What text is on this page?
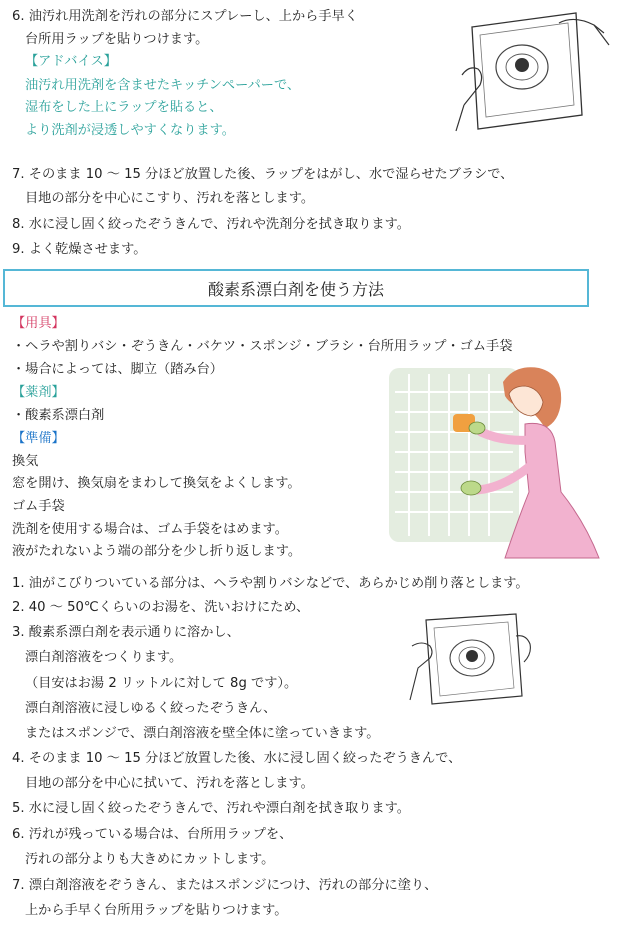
6. 油汚れ用洗剤を汚れの部分にスプレーし、上から手早く
台所用ラップを貼りつけます。
【アドバイス】
油汚れ用洗剤を含ませたキッチンペーパーで、
湿布をした上にラップを貼ると、
より洗剤が浸透しやすくなります。
7. そのまま 10 ～ 15 分ほど放置した後、ラップをはがし、水で湿らせたブラシで、
目地の部分を中心にこすり、汚れを落とします。
8. 水に浸し固く絞ったぞうきんで、汚れや洗剤分を拭き取ります。
9. よく乾燥させます。
酸素系漂白剤を使う方法
【用具】
・ヘラや割りバシ・ぞうきん・バケツ・スポンジ・ブラシ・台所用ラップ・ゴム手袋
・場合によっては、脚立（踏み台）
【薬剤】
・酸素系漂白剤
【準備】
換気
窓を開け、換気扇をまわして換気をよくします。
ゴム手袋
洗剤を使用する場合は、ゴム手袋をはめます。
液がたれないよう端の部分を少し折り返します。
1. 油がこびりついている部分は、ヘラや割りバシなどで、あらかじめ削り落とします。
2. 40 ～ 50℃くらいのお湯を、洗いおけにため、
3. 酸素系漂白剤を表示通りに溶かし、
漂白剤溶液をつくります。
（目安はお湯 2 リットルに対して 8g です）。
漂白剤溶液に浸しゆるく絞ったぞうきん、
またはスポンジで、漂白剤溶液を壁全体に塗っていきます。
4. そのまま 10 ～ 15 分ほど放置した後、水に浸し固く絞ったぞうきんで、
目地の部分を中心に拭いて、汚れを落とします。
5. 水に浸し固く絞ったぞうきんで、汚れや漂白剤を拭き取ります。
6. 汚れが残っている場合は、台所用ラップを、
汚れの部分よりも大きめにカットします。
7. 漂白剤溶液をぞうきん、またはスポンジにつけ、汚れの部分に塗り、
上から手早く台所用ラップを貼りつけます。
